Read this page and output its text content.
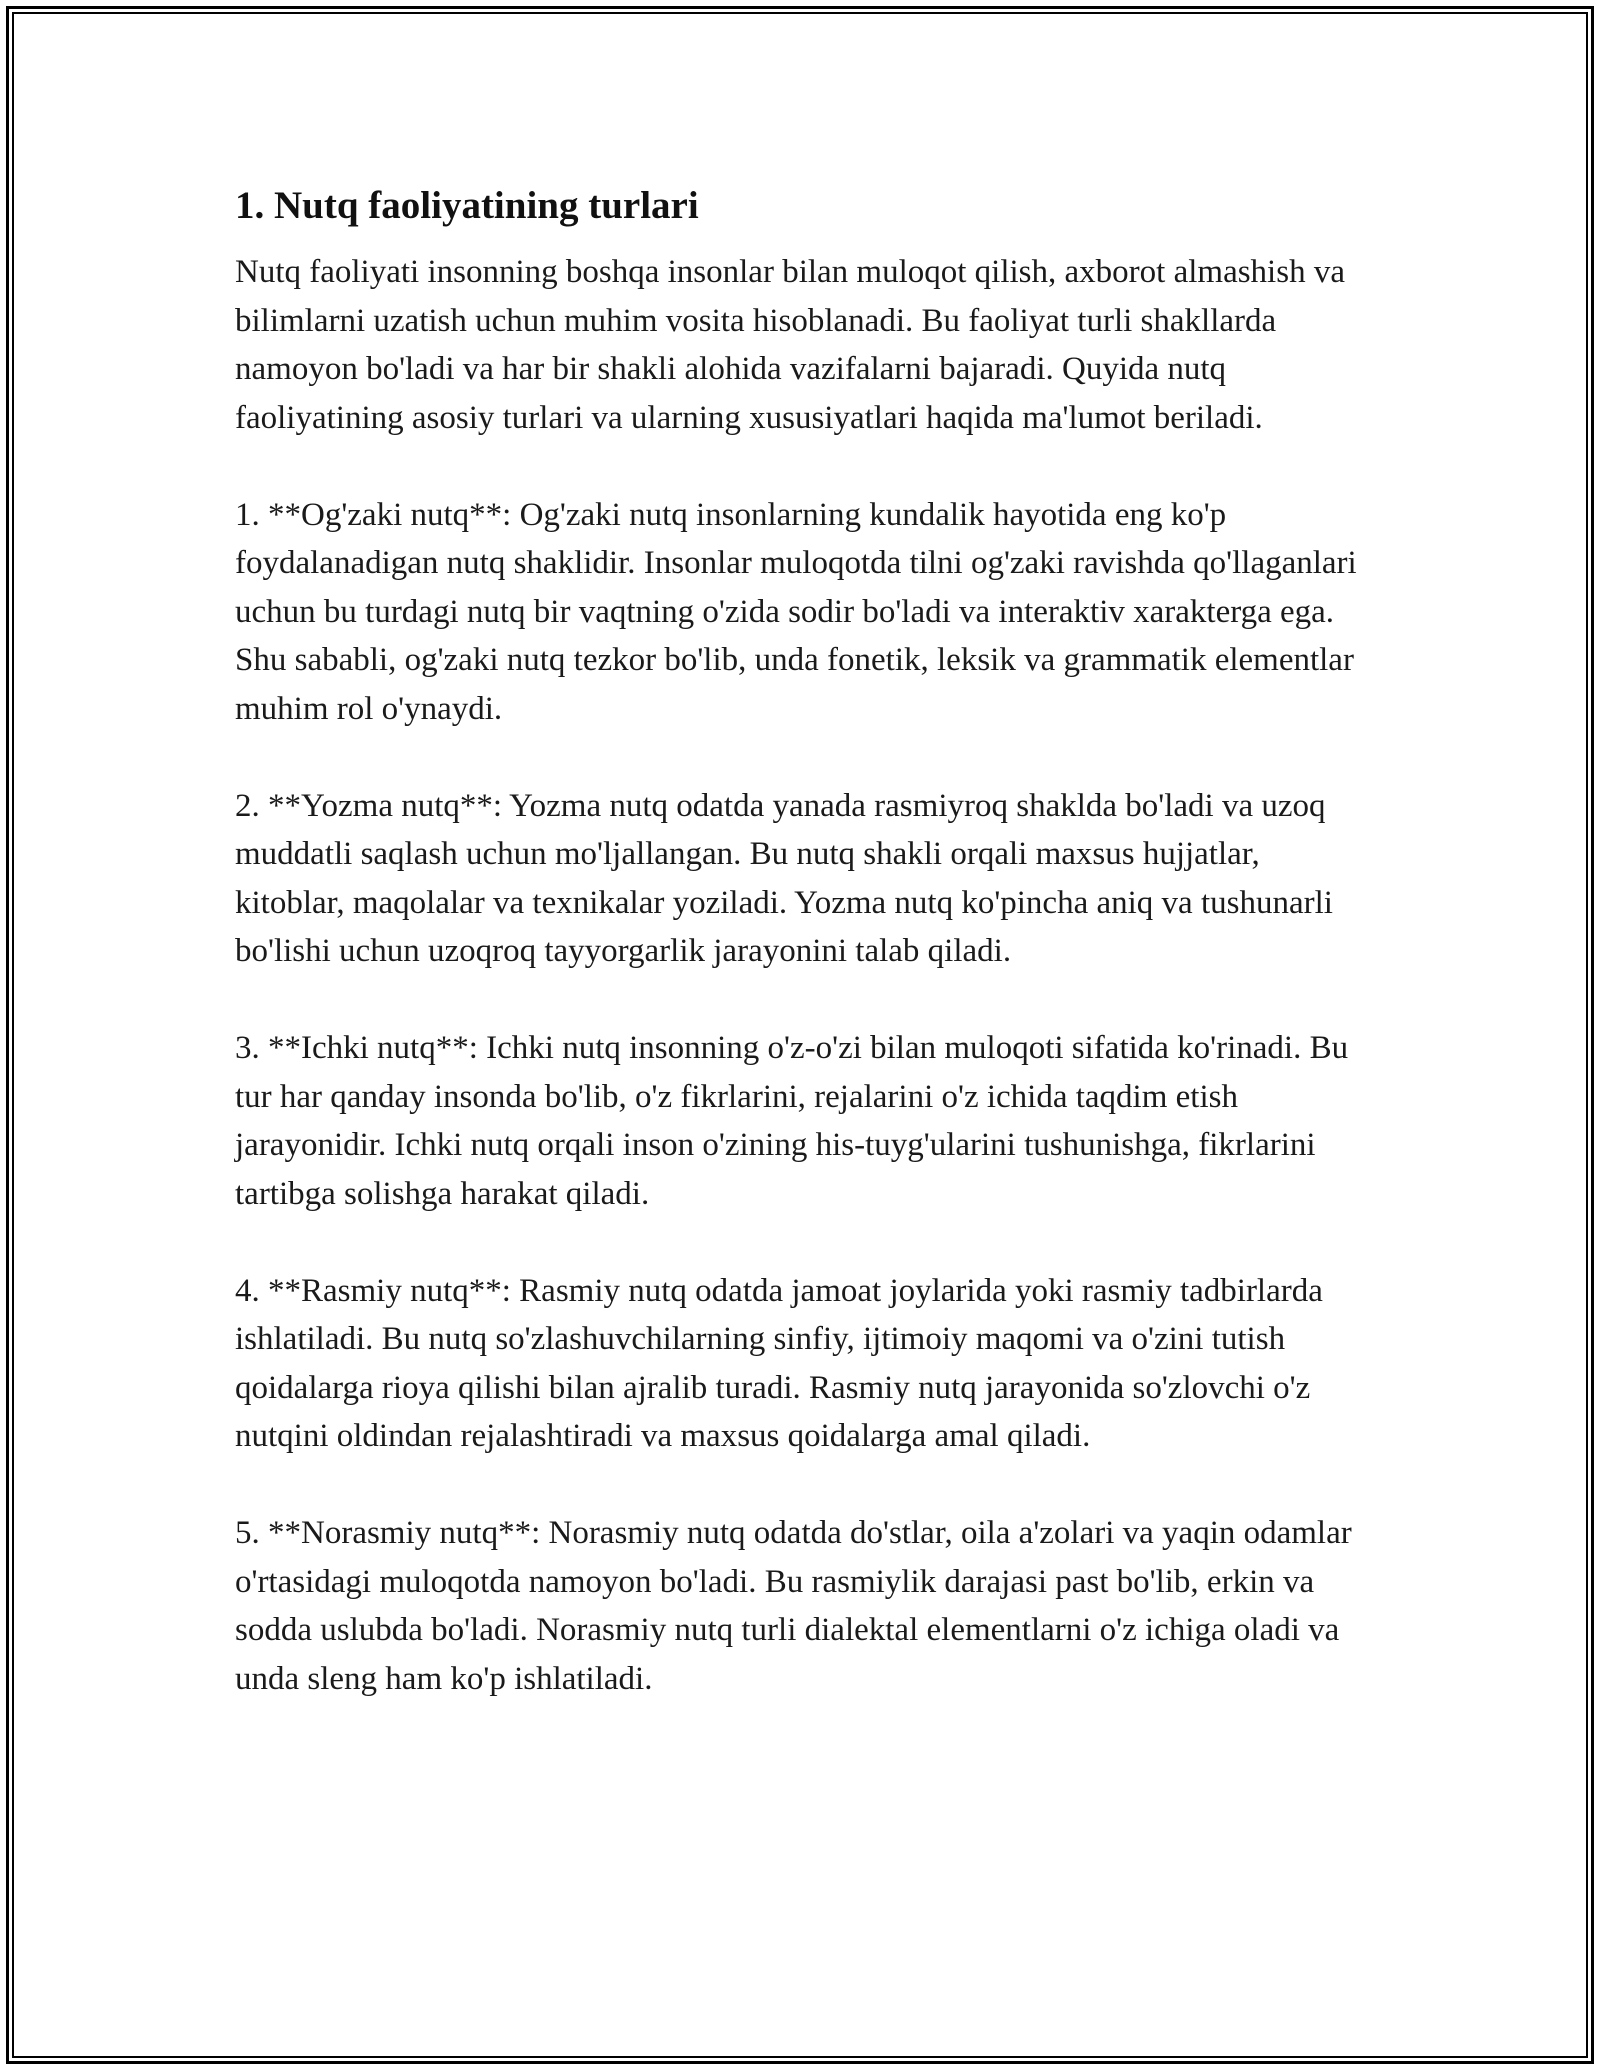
1. Nutq faoliyatining turlari

Nutq faoliyati insonning boshqa insonlar bilan muloqot qilish, axborot almashish va bilimlarni uzatish uchun muhim vosita hisoblanadi. Bu faoliyat turli shakllarda namoyon bo'ladi va har bir shakli alohida vazifalarni bajaradi. Quyida nutq faoliyatining asosiy turlari va ularning xususiyatlari haqida ma'lumot beriladi.

1. **Og'zaki nutq**: Og'zaki nutq insonlarning kundalik hayotida eng ko'p foydalanadigan nutq shaklidir. Insonlar muloqotda tilni og'zaki ravishda qo'llaganlari uchun bu turdagi nutq bir vaqtning o'zida sodir bo'ladi va interaktiv xarakterga ega. Shu sababli, og'zaki nutq tezkor bo'lib, unda fonetik, leksik va grammatik elementlar muhim rol o'ynaydi.

2. **Yozma nutq**: Yozma nutq odatda yanada rasmiyroq shaklda bo'ladi va uzoq muddatli saqlash uchun mo'ljallangan. Bu nutq shakli orqali maxsus hujjatlar, kitoblar, maqolalar va texnikalar yoziladi. Yozma nutq ko'pincha aniq va tushunarli bo'lishi uchun uzoqroq tayyorgarlik jarayonini talab qiladi.

3. **Ichki nutq**: Ichki nutq insonning o'z-o'zi bilan muloqoti sifatida ko'rinadi. Bu tur har qanday insonda bo'lib, o'z fikrlarini, rejalarini o'z ichida taqdim etish jarayonidir. Ichki nutq orqali inson o'zining his-tuyg'ularini tushunishga, fikrlarini tartibga solishga harakat qiladi.

4. **Rasmiy nutq**: Rasmiy nutq odatda jamoat joylarida yoki rasmiy tadbirlarda ishlatiladi. Bu nutq so'zlashuvchilarning sinfiy, ijtimoiy maqomi va o'zini tutish qoidalarga rioya qilishi bilan ajralib turadi. Rasmiy nutq jarayonida so'zlovchi o'z nutqini oldindan rejalashtiradi va maxsus qoidalarga amal qiladi.

5. **Norasmiy nutq**: Norasmiy nutq odatda do'stlar, oila a'zolari va yaqin odamlar o'rtasidagi muloqotda namoyon bo'ladi. Bu rasmiylik darajasi past bo'lib, erkin va sodda uslubda bo'ladi. Norasmiy nutq turli dialektal elementlarni o'z ichiga oladi va unda sleng ham ko'p ishlatiladi.
